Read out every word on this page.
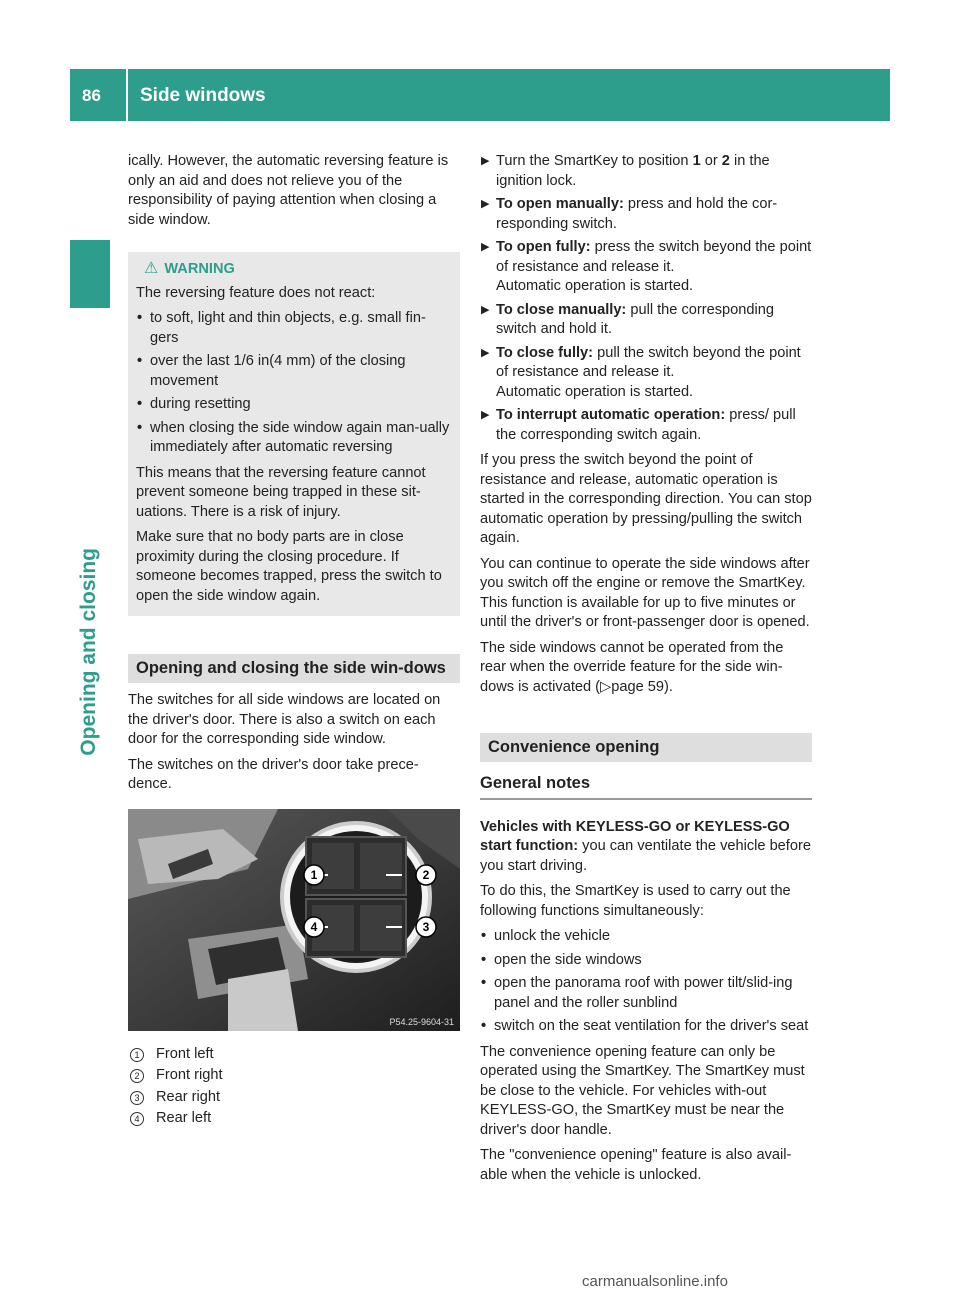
86 Side windows
Opening and closing

ically. However, the automatic reversing feature is only an aid and does not relieve you of the responsibility of paying attention when closing a side window.

⚠ WARNING

The reversing feature does not react:

• to soft, light and thin objects, e.g. small fin-gers
• over the last 1/6 in(4 mm) of the closing movement
• during resetting
• when closing the side window again man-ually immediately after automatic reversing

This means that the reversing feature cannot prevent someone being trapped in these sit-uations. There is a risk of injury.

Make sure that no body parts are in close proximity during the closing procedure. If someone becomes trapped, press the switch to open the side window again.

Opening and closing the side win-dows

The switches for all side windows are located on the driver's door. There is also a switch on each door for the corresponding side window.

The switches on the driver's door take prece-dence.

1	2
3
4
P54.25-9604-31
1	Front left
2	Front right
3	Rear right
4	Rear left
▶ Turn the SmartKey to position 1 or 2 in the ignition lock.
▶ To open manually: press and hold the cor-responding switch.
▶ To open fully: press the switch beyond the point of resistance and release it.
Automatic operation is started.
▶ To close manually: pull the corresponding switch and hold it.
▶ To close fully: pull the switch beyond the point of resistance and release it.
Automatic operation is started.
▶ To interrupt automatic operation: press/ pull the corresponding switch again.

If you press the switch beyond the point of resistance and release, automatic operation is started in the corresponding direction. You can stop automatic operation by pressing/pulling the switch again.

You can continue to operate the side windows after you switch off the engine or remove the SmartKey. This function is available for up to five minutes or until the driver's or front-passenger door is opened.

The side windows cannot be operated from the rear when the override feature for the side win-dows is activated (▷page 59).

Convenience opening
General notes

Vehicles with KEYLESS-GO or KEYLESS-GO start function: you can ventilate the vehicle before you start driving.

To do this, the SmartKey is used to carry out the following functions simultaneously:

• unlock the vehicle
• open the side windows
• open the panorama roof with power tilt/slid-ing panel and the roller sunblind
• switch on the seat ventilation for the driver's seat

The convenience opening feature can only be operated using the SmartKey. The SmartKey must be close to the vehicle. For vehicles with-out KEYLESS-GO, the SmartKey must be near the driver's door handle.

The "convenience opening" feature is also avail-able when the vehicle is unlocked.

carmanualsonline.info
